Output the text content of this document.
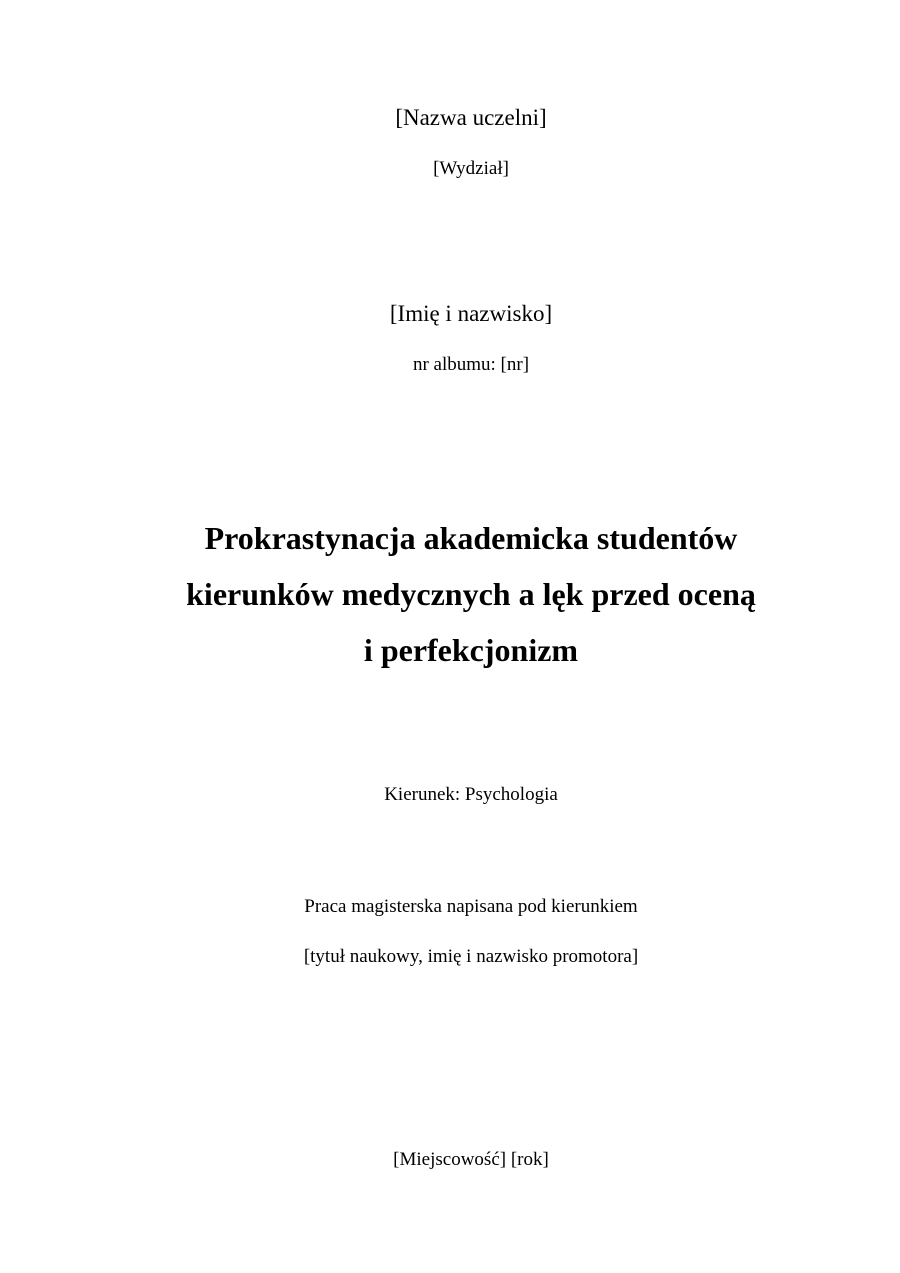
[Nazwa uczelni]
[Wydział]
[Imię i nazwisko]
nr albumu: [nr]
Prokrastynacja akademicka studentów
kierunków medycznych a lęk przed oceną
i perfekcjonizm
Kierunek: Psychologia
Praca magisterska napisana pod kierunkiem
[tytuł naukowy, imię i nazwisko promotora]
[Miejscowość] [rok]
